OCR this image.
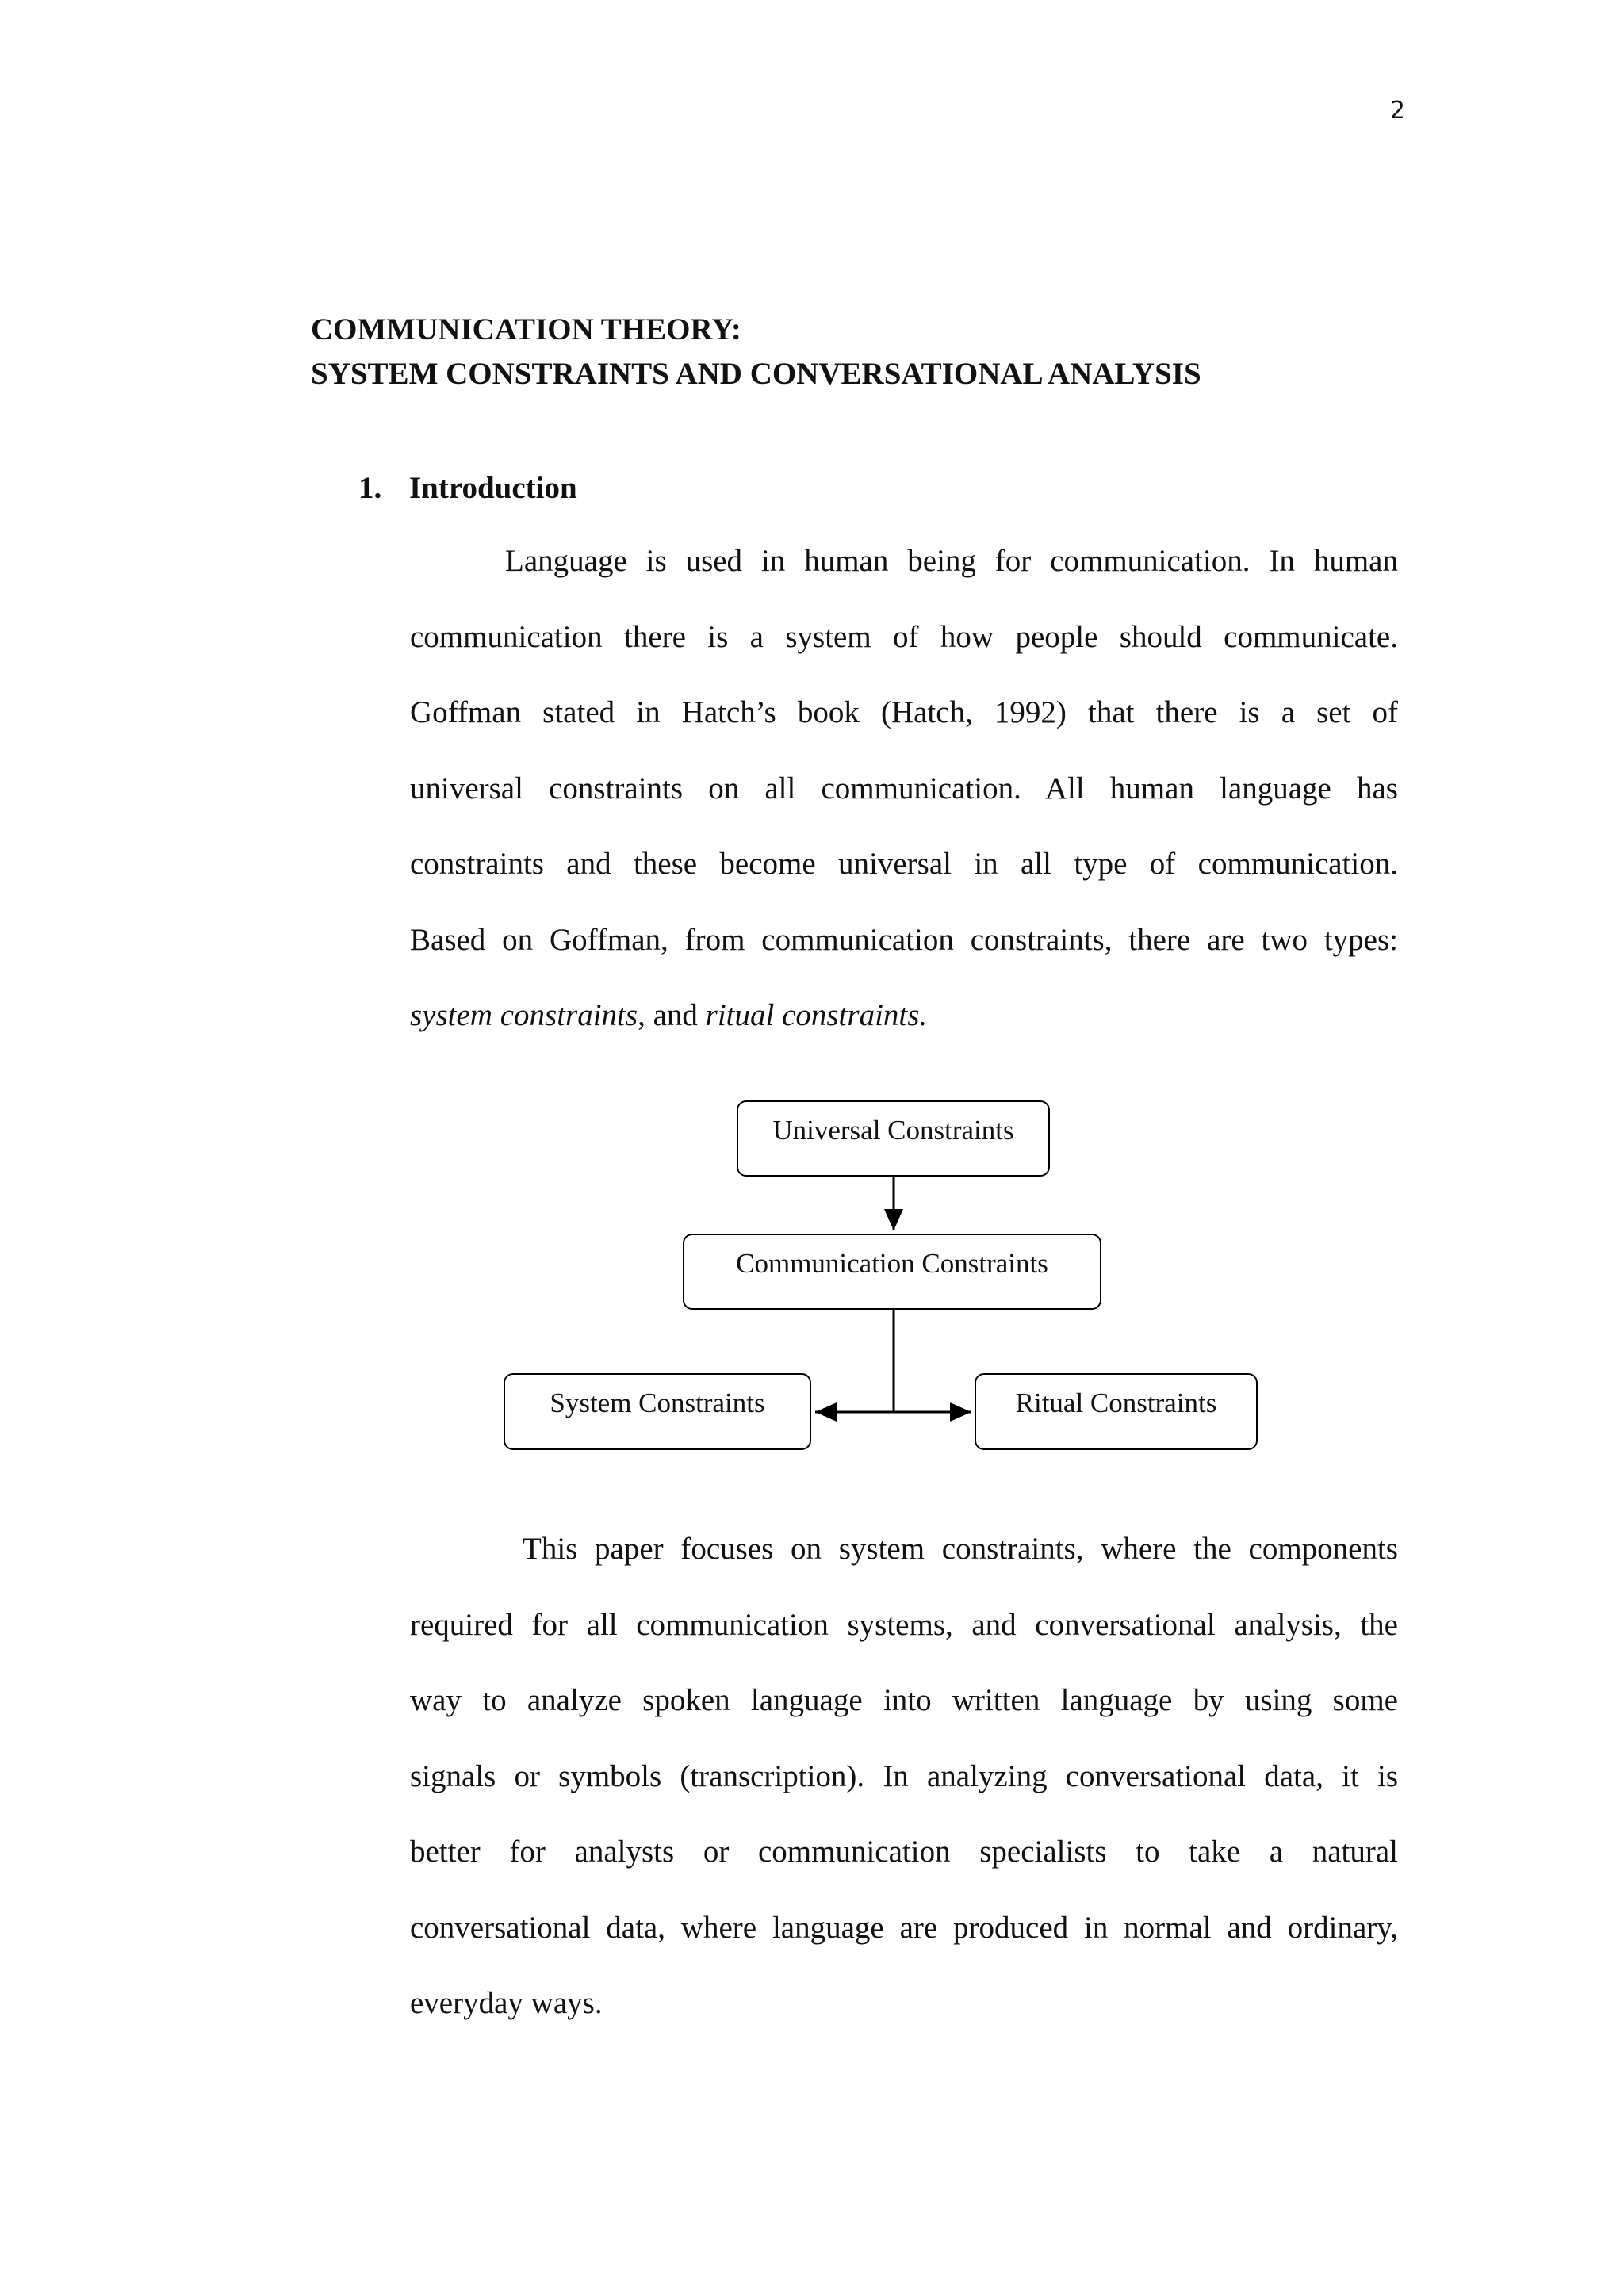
2
COMMUNICATION THEORY:
SYSTEM CONSTRAINTS AND CONVERSATIONAL ANALYSIS
1. Introduction
Language is used in human being for communication. In human
communication there is a system of how people should communicate.
Goffman stated in Hatch’s book (Hatch, 1992) that there is a set of
universal constraints on all communication. All human language has
constraints and these become universal in all type of communication.
Based on Goffman, from communication constraints, there are two types:
system constraints, and ritual constraints.
Universal Constraints
Communication Constraints
System Constraints	Ritual Constraints
This paper focuses on system constraints, where the components
required for all communication systems, and conversational analysis, the
way to analyze spoken language into written language by using some
signals or symbols (transcription). In analyzing conversational data, it is
better for analysts or communication specialists to take a natural
conversational data, where language are produced in normal and ordinary,
everyday ways.
